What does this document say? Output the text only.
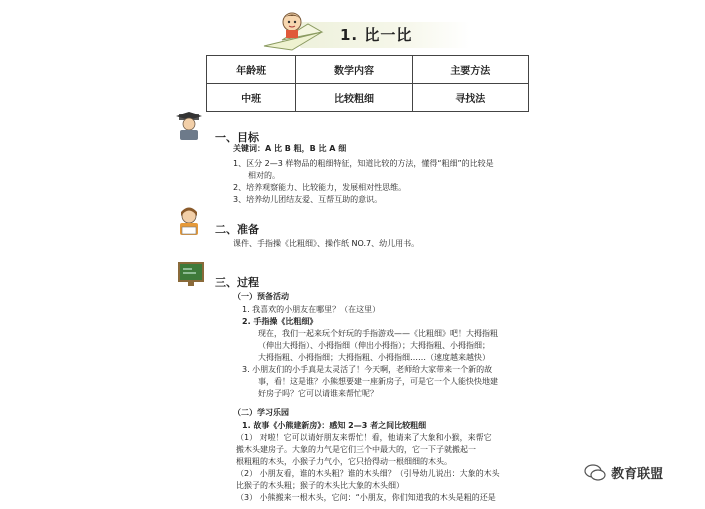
1. 比一比
年龄班	数学内容	主要方法
中班	比较粗细	寻找法
一、目标
关键词：A 比 B 粗，B 比 A 细
1、区分 2—3 样物品的粗细特征，知道比较的方法，懂得“粗细”的比较是
相对的。
2、培养观察能力、比较能力，发展相对性思维。
3、培养幼儿团结友爱、互帮互助的意识。
二、准备
课件、手指操《比粗细》、操作纸 NO.7、幼儿用书。
三、过程
（一）预备活动
1. 我喜欢的小朋友在哪里？（在这里）
2. 手指操《比粗细》
现在，我们一起来玩个好玩的手指游戏——《比粗细》吧！大拇指粗
（伸出大拇指）、小拇指细（伸出小拇指）；大拇指粗、小拇指细；
大拇指粗、小拇指细；大拇指粗、小拇指细……（速度越来越快）
3. 小朋友们的小手真是太灵活了！今天啊，老师给大家带来一个新的故
事，看！这是谁？小熊想要建一座新房子，可是它一个人能快快地建
好房子吗？它可以请谁来帮忙呢？
（二）学习乐园
1. 故事《小熊建新房》：感知 2—3 者之间比较粗细
（1） 对啦！它可以请好朋友来帮忙！看，他请来了大象和小猴，来帮它
搬木头建房子。大象的力气是它们三个中最大的，它一下子就搬起一
根粗粗的木头，小猴子力气小，它只拾得动一根细细的木头。
（2） 小朋友看，谁的木头粗？谁的木头细？（引导幼儿说出：大象的木头
比猴子的木头粗；猴子的木头比大象的木头细）
（3） 小熊搬来一根木头，它问：“小朋友，你们知道我的木头是粗的还是
教育联盟
